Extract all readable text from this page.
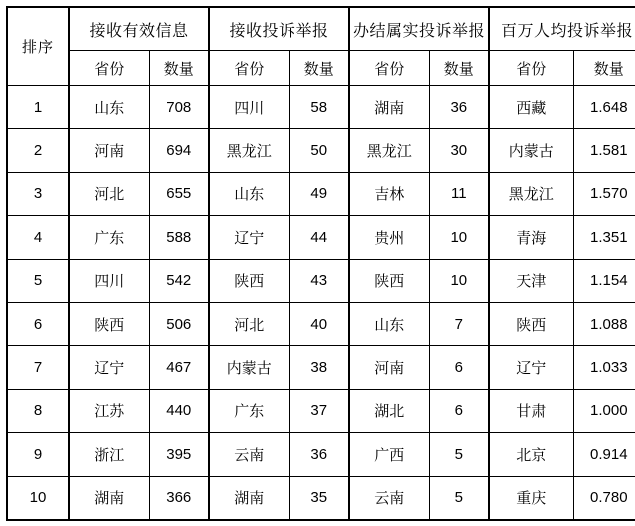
排序	接收有效信息		接收投诉举报		办结属实投诉举报		百万人均投诉举报	
	省份	数量	省份	数量	省份	数量	省份	数量
1	山东	708	四川	58	湖南	36	西藏	1.648
2	河南	694	黑龙江	50	黑龙江	30	内蒙古	1.581
3	河北	655	山东	49	吉林	11	黑龙江	1.570
4	广东	588	辽宁	44	贵州	10	青海	1.351
5	四川	542	陕西	43	陕西	10	天津	1.154
6	陕西	506	河北	40	山东	7	陕西	1.088
7	辽宁	467	内蒙古	38	河南	6	辽宁	1.033
8	江苏	440	广东	37	湖北	6	甘肃	1.000
9	浙江	395	云南	36	广西	5	北京	0.914
10	湖南	366	湖南	35	云南	5	重庆	0.780
